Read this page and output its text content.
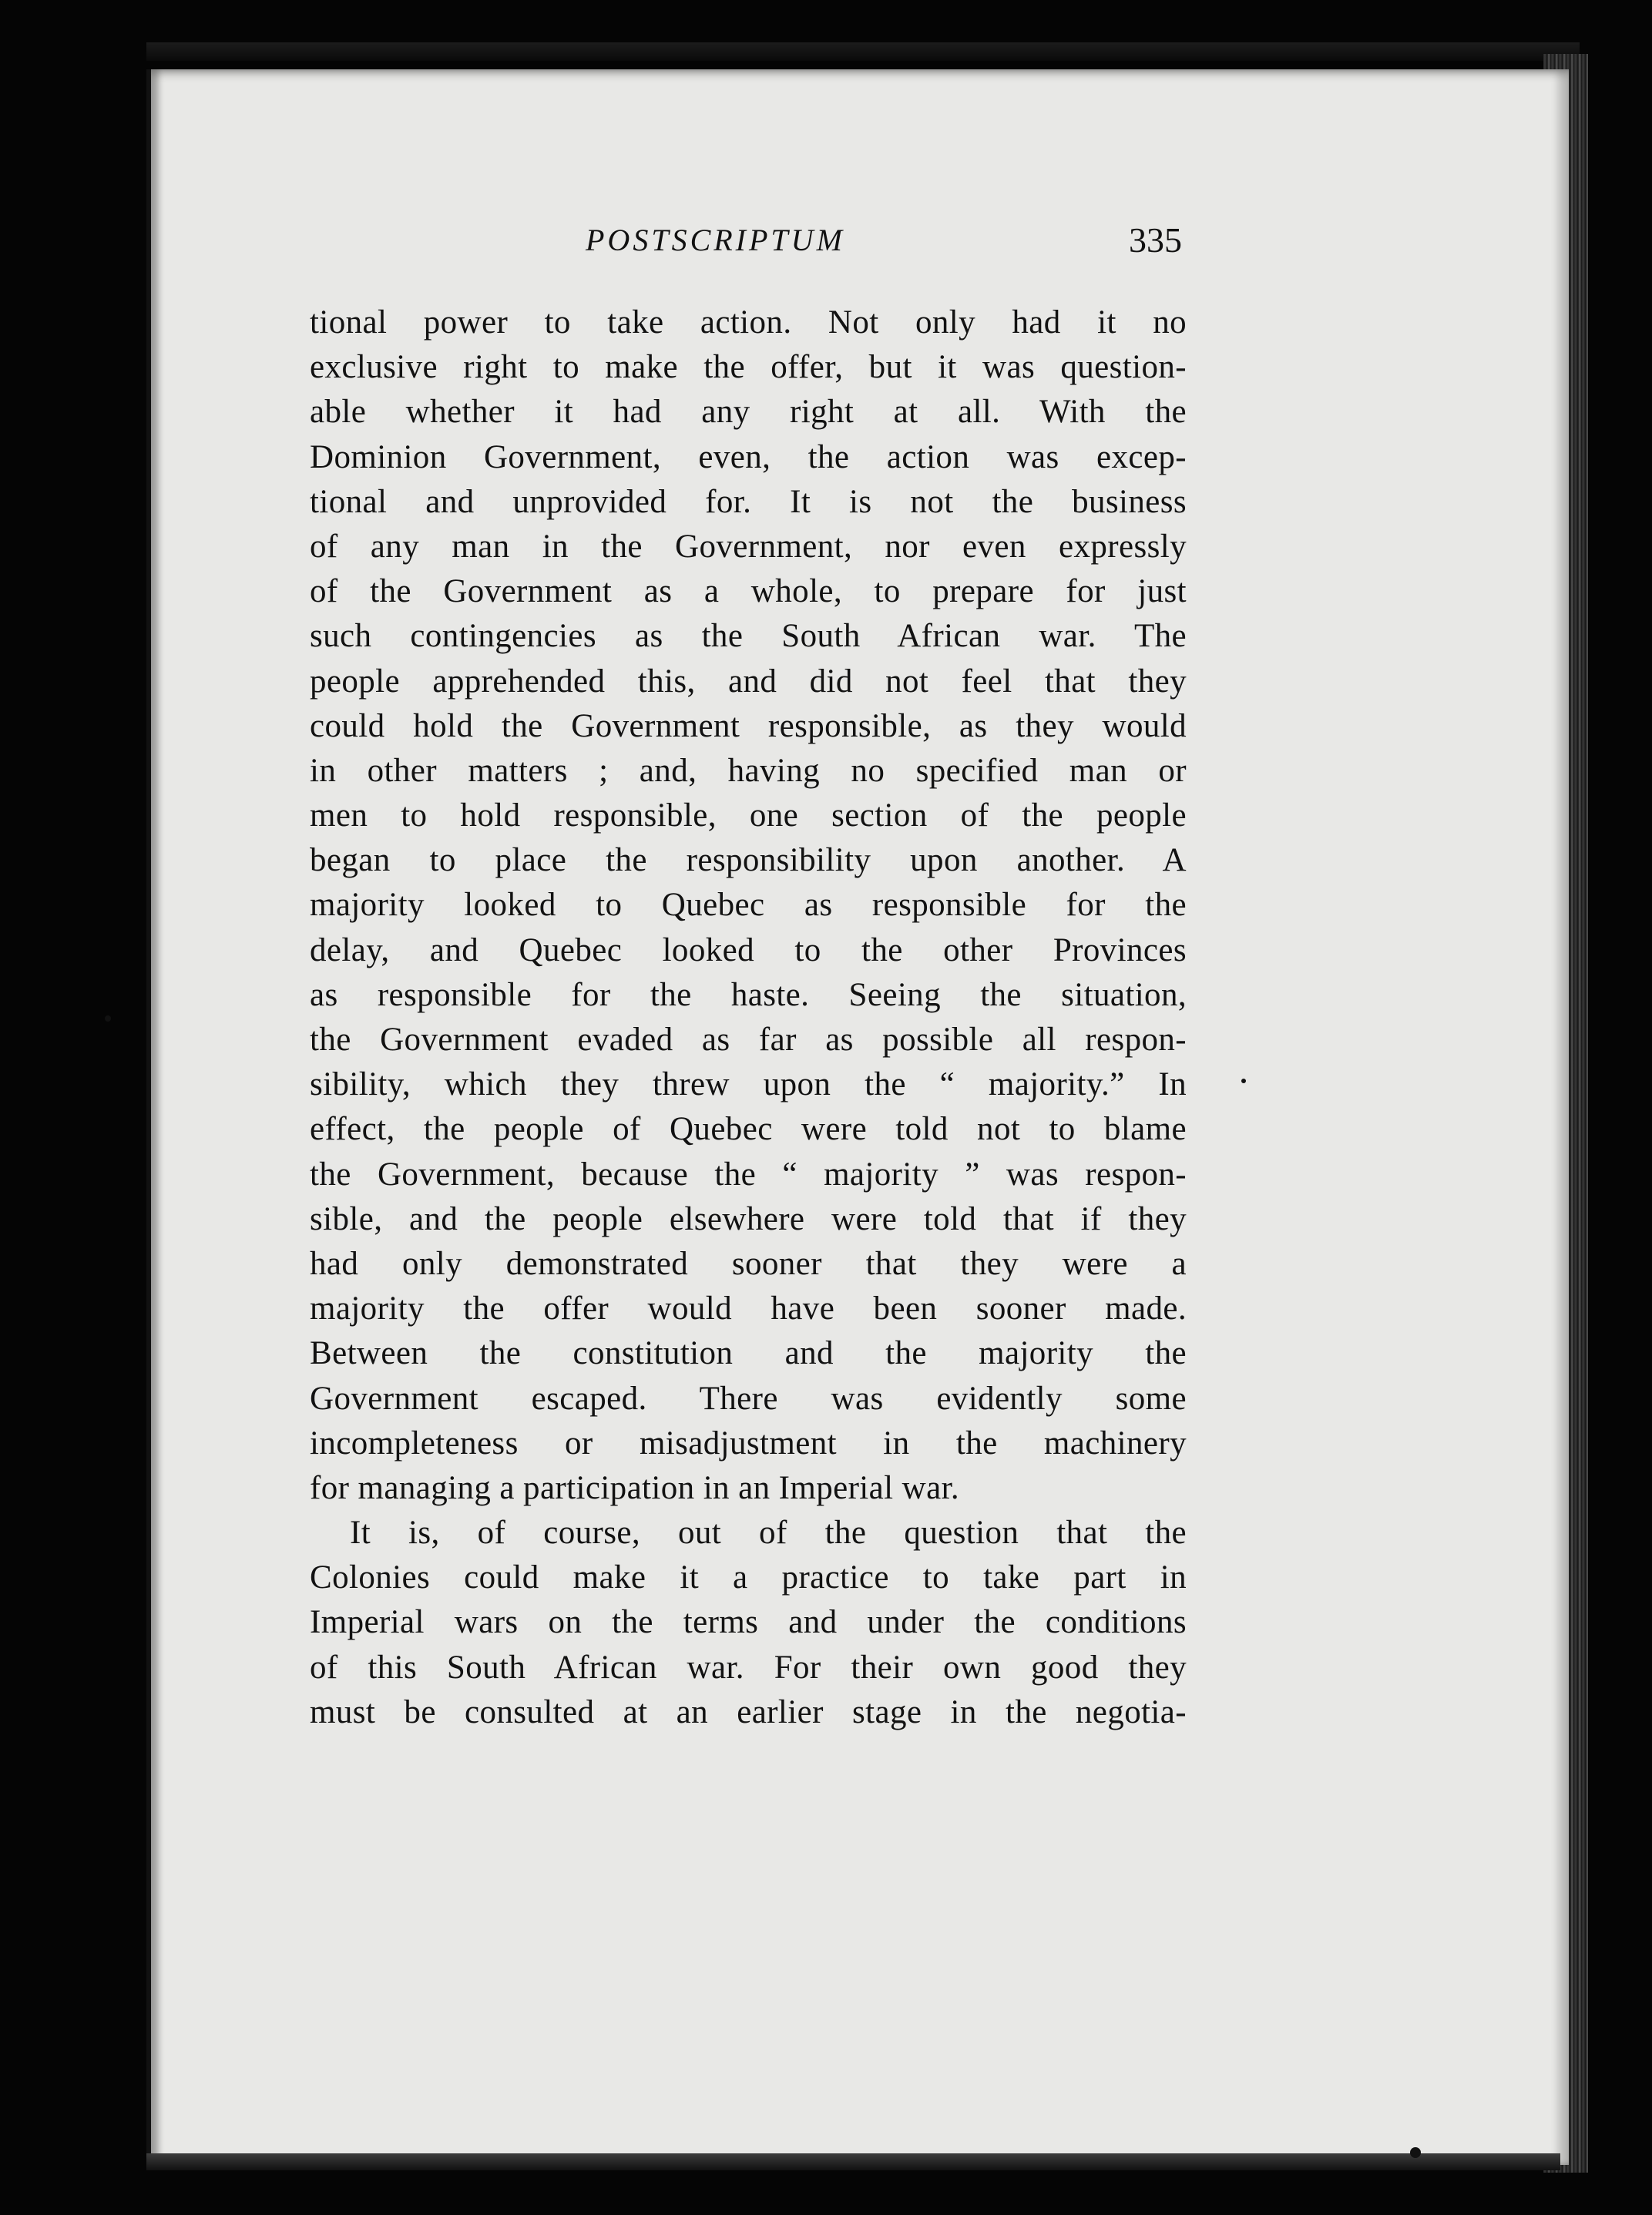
POSTSCRIPTUM	335
tional power to take action. Not only had it no
exclusive right to make the offer, but it was question-
able whether it had any right at all. With the
Dominion Government, even, the action was excep-
tional and unprovided for. It is not the business
of any man in the Government, nor even expressly
of the Government as a whole, to prepare for just
such contingencies as the South African war. The
people apprehended this, and did not feel that they
could hold the Government responsible, as they would
in other matters ; and, having no specified man or
men to hold responsible, one section of the people
began to place the responsibility upon another. A
majority looked to Quebec as responsible for the
delay, and Quebec looked to the other Provinces
as responsible for the haste. Seeing the situation,
the Government evaded as far as possible all respon-
sibility, which they threw upon the “ majority.” In
effect, the people of Quebec were told not to blame
the Government, because the “ majority ” was respon-
sible, and the people elsewhere were told that if they
had only demonstrated sooner that they were a
majority the offer would have been sooner made.
Between the constitution and the majority the
Government escaped. There was evidently some
incompleteness or misadjustment in the machinery
for managing a participation in an Imperial war.
It is, of course, out of the question that the
Colonies could make it a practice to take part in
Imperial wars on the terms and under the conditions
of this South African war. For their own good they
must be consulted at an earlier stage in the negotia-
